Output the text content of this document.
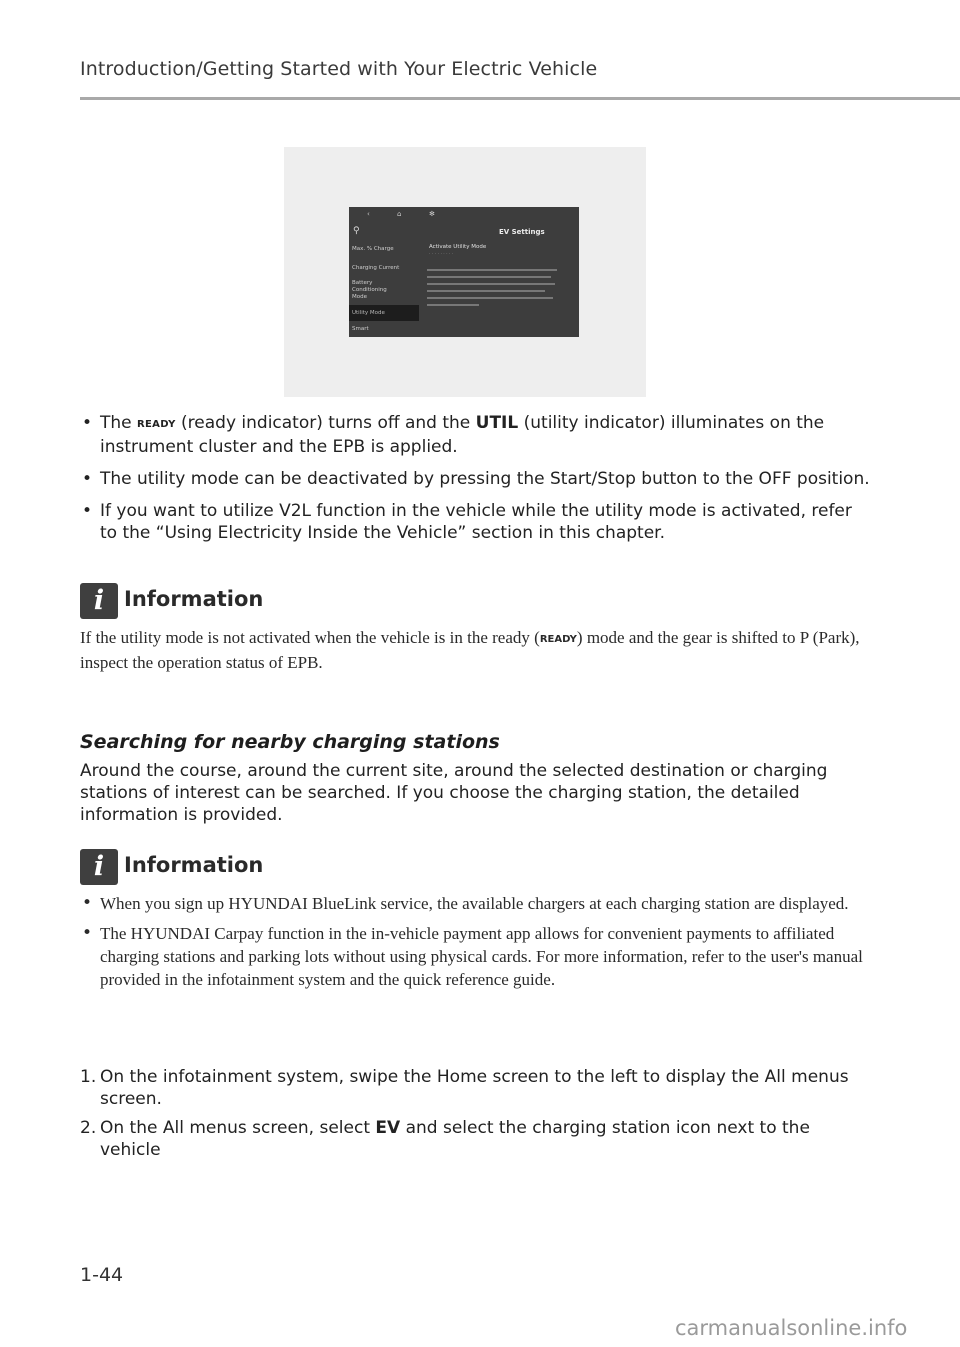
Introduction/Getting Started with Your Electric Vehicle
‹	⌂	✻
⚲	EV Settings
Max. % Charge
Charging Current
Battery Conditioning Mode
Utility Mode
Smart
Activate Utility Mode
· · · · · · · · ·
• The READY (ready indicator) turns off and the UTIL (utility indicator) illuminates on the instrument cluster and the EPB is applied.
• The utility mode can be deactivated by pressing the Start/Stop button to the OFF position.
• If you want to utilize V2L function in the vehicle while the utility mode is activated, refer to the “Using Electricity Inside the Vehicle” section in this chapter.
i Information
If the utility mode is not activated when the vehicle is in the ready (READY) mode and the gear is shifted to P (Park), inspect the operation status of EPB.
Searching for nearby charging stations
Around the course, around the current site, around the selected destination or charging stations of interest can be searched. If you choose the charging station, the detailed information is provided.
i Information
• When you sign up HYUNDAI BlueLink service, the available chargers at each charging station are displayed.
• The HYUNDAI Carpay function in the in-vehicle payment app allows for convenient payments to affiliated charging stations and parking lots without using physical cards. For more information, refer to the user's manual provided in the infotainment system and the quick reference guide.
1. On the infotainment system, swipe the Home screen to the left to display the All menus screen.
2. On the All menus screen, select EV and select the charging station icon next to the vehicle
1-44
carmanualsonline.info
